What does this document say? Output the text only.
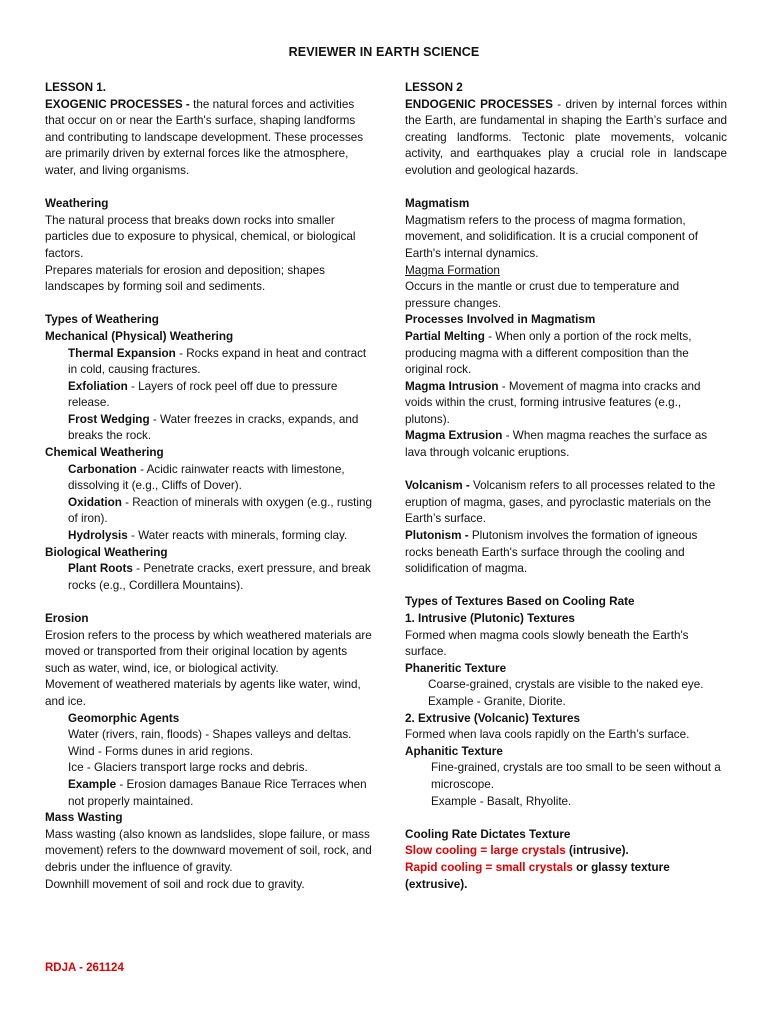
REVIEWER IN EARTH SCIENCE

LESSON 1.

EXOGENIC PROCESSES - the natural forces and activities that occur on or near the Earth's surface, shaping landforms and contributing to landscape development. These processes are primarily driven by external forces like the atmosphere, water, and living organisms.

Weathering

The natural process that breaks down rocks into smaller particles due to exposure to physical, chemical, or biological factors.

Prepares materials for erosion and deposition; shapes landscapes by forming soil and sediments.

Types of Weathering

Mechanical (Physical) Weathering

Thermal Expansion - Rocks expand in heat and contract in cold, causing fractures.

Exfoliation - Layers of rock peel off due to pressure release.

Frost Wedging - Water freezes in cracks, expands, and breaks the rock.

Chemical Weathering

Carbonation - Acidic rainwater reacts with limestone, dissolving it (e.g., Cliffs of Dover).

Oxidation - Reaction of minerals with oxygen (e.g., rusting of iron).

Hydrolysis - Water reacts with minerals, forming clay.

Biological Weathering

Plant Roots - Penetrate cracks, exert pressure, and break rocks (e.g., Cordillera Mountains).

Erosion

Erosion refers to the process by which weathered materials are moved or transported from their original location by agents such as water, wind, ice, or biological activity.

Movement of weathered materials by agents like water, wind, and ice.

Geomorphic Agents

Water (rivers, rain, floods) - Shapes valleys and deltas.

Wind - Forms dunes in arid regions.

Ice - Glaciers transport large rocks and debris.

Example - Erosion damages Banaue Rice Terraces when not properly maintained.

Mass Wasting

Mass wasting (also known as landslides, slope failure, or mass movement) refers to the downward movement of soil, rock, and debris under the influence of gravity.

Downhill movement of soil and rock due to gravity.

LESSON 2

ENDOGENIC PROCESSES - driven by internal forces within the Earth, are fundamental in shaping the Earth’s surface and creating landforms. Tectonic plate movements, volcanic activity, and earthquakes play a crucial role in landscape evolution and geological hazards.

Magmatism

Magmatism refers to the process of magma formation, movement, and solidification. It is a crucial component of Earth's internal dynamics.

Magma Formation

Occurs in the mantle or crust due to temperature and pressure changes.

Processes Involved in Magmatism

Partial Melting - When only a portion of the rock melts, producing magma with a different composition than the original rock.

Magma Intrusion - Movement of magma into cracks and voids within the crust, forming intrusive features (e.g., plutons).

Magma Extrusion - When magma reaches the surface as lava through volcanic eruptions.

Volcanism - Volcanism refers to all processes related to the eruption of magma, gases, and pyroclastic materials on the Earth’s surface.

Plutonism - Plutonism involves the formation of igneous rocks beneath Earth's surface through the cooling and solidification of magma.

Types of Textures Based on Cooling Rate

1. Intrusive (Plutonic) Textures

Formed when magma cools slowly beneath the Earth's surface.

Phaneritic Texture

Coarse-grained, crystals are visible to the naked eye.

Example - Granite, Diorite.

2. Extrusive (Volcanic) Textures

Formed when lava cools rapidly on the Earth’s surface.

Aphanitic Texture

Fine-grained, crystals are too small to be seen without a microscope.

Example - Basalt, Rhyolite.

Cooling Rate Dictates Texture

Slow cooling = large crystals (intrusive).

Rapid cooling = small crystals or glassy texture (extrusive).

RDJA - 261124
